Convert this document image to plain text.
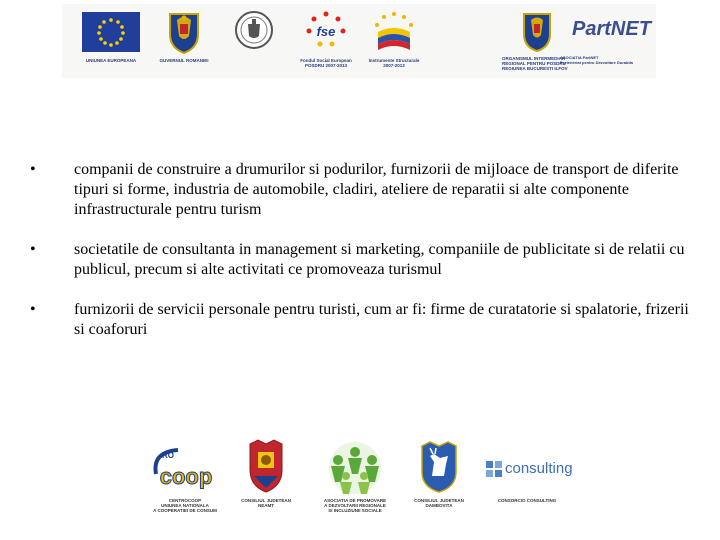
UNIUNEA EUROPEANA	GUVERNUL ROMANIEI
fse
Fondul Social European
POSDRU 2007-2013
Instrumente Structurale
2007-2013
ORGANISMUL INTERMEDIAR
REGIONAL PENTRU POSDRU
REGIUNEA BUCURESTI ILFOV
PartNET
ASOCIATIA PartNET
Parteneriat pentru Dezvoltare Durabila
• companii de construire a drumurilor si podurilor, furnizorii de mijloace de transport de diferite tipuri si forme, industria de automobile, cladiri, ateliere de reparatii si alte componente infrastructurale pentru turism
• societatile de consultanta in management si marketing, companiile de publicitate si de relatii cu publicul, precum si alte activitati ce promoveaza turismul
• furnizorii de servicii personale pentru turisti, cum ar fi: firme de curatatorie si spalatorie, frizerii si coaforuri
RO
coop
CENTROCOOP
UNIUNEA NATIONALA
A COOPERATIEI DE CONSUM
CONSILIUL JUDETEAN
NEAMT
ASOCIATIA DE PROMOVARE
A DEZVOLTARII REGIONALE
SI INCLUZIUNII SOCIALE
CONSILIUL JUDETEAN
DAMBOVITA
consulting
CONSORCIO CONSULTING
